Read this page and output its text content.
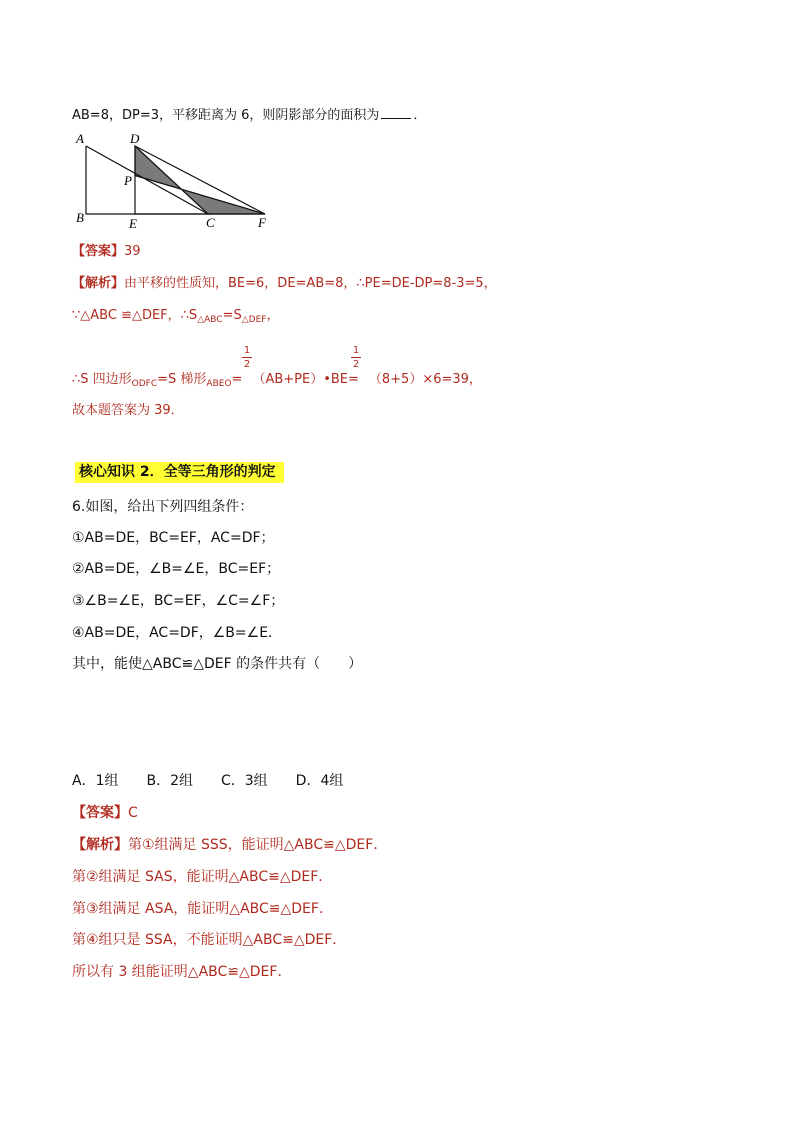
AB=8，DP=3，平移距离为 6，则阴影部分的面积为	．
A
B
D
P
E	C	F
【答案】39
【解析】由平移的性质知，BE=6，DE=AB=8，∴PE=DE-DP=8-3=5，
∵△ABC ≌△DEF，$\therefore S_{\triangle ABC}=S_{\triangle DEF}$，
1
2
1
2
∴S 四边形$_{ODFC}$=S 梯形$_{ABEO}$= （AB+PE）•BE= （8+5）×6=39，
故本题答案为 39．
核心知识 2．全等三角形的判定
6.如图，给出下列四组条件：
①AB=DE，BC=EF，AC=DF；
②AB=DE，∠B=∠E，BC=EF；
③∠B=∠E，BC=EF，∠C=∠F；
④AB=DE，AC=DF，∠B=∠E．
其中，能使△ABC≌△DEF 的条件共有（　　）
A．1组　　B．2组　　C．3组　　D．4组
【答案】C
【解析】第①组满足 SSS，能证明△ABC≌△DEF．
第②组满足 SAS，能证明△ABC≌△DEF．
第③组满足 ASA，能证明△ABC≌△DEF．
第④组只是 SSA，不能证明△ABC≌△DEF．
所以有 3 组能证明△ABC≌△DEF．
